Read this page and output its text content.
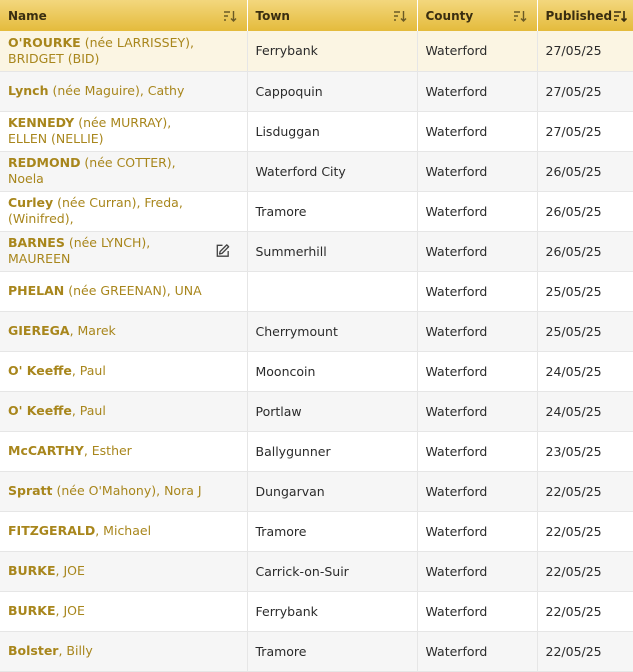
Name	Town	County	Published

O'ROURKE (née LARRISSEY), BRIDGET (BID)	Ferrybank	Waterford	27/05/25
Lynch (née Maguire), Cathy	Cappoquin	Waterford	27/05/25
KENNEDY (née MURRAY), ELLEN (NELLIE)	Lisduggan	Waterford	27/05/25
REDMOND (née COTTER), Noela	Waterford City	Waterford	26/05/25
Curley (née Curran), Freda, (Winifred),	Tramore	Waterford	26/05/25
BARNES (née LYNCH), MAUREEN	Summerhill	Waterford	26/05/25
PHELAN (née GREENAN), UNA		Waterford	25/05/25
GIEREGA, Marek	Cherrymount	Waterford	25/05/25
O' Keeffe, Paul	Mooncoin	Waterford	24/05/25
O' Keeffe, Paul	Portlaw	Waterford	24/05/25
McCARTHY, Esther	Ballygunner	Waterford	23/05/25
Spratt (née O'Mahony), Nora J	Dungarvan	Waterford	22/05/25
FITZGERALD, Michael	Tramore	Waterford	22/05/25
BURKE, JOE	Carrick-on-Suir	Waterford	22/05/25
BURKE, JOE	Ferrybank	Waterford	22/05/25
Bolster, Billy	Tramore	Waterford	22/05/25
